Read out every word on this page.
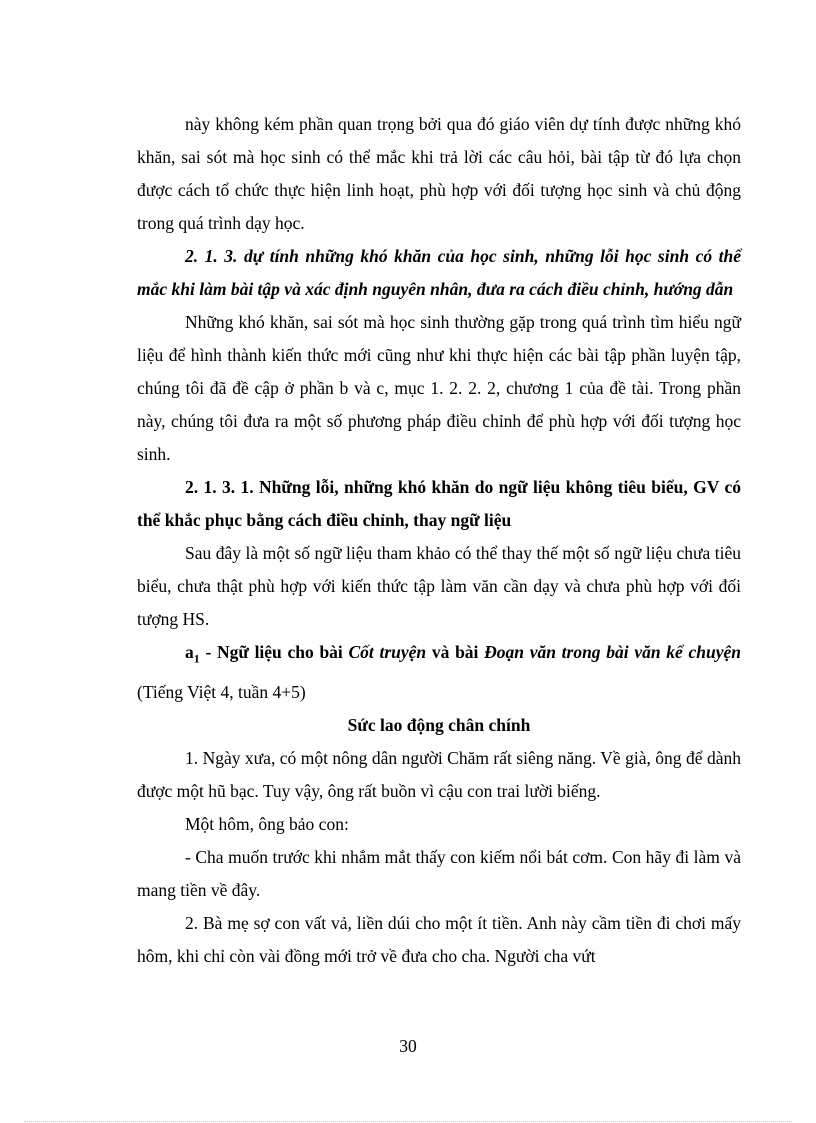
này không kém phần quan trọng bởi qua đó giáo viên dự tính được những khó khăn, sai sót mà học sinh có thể mắc khi trả lời các câu hỏi, bài tập từ đó lựa chọn được cách tổ chức thực hiện linh hoạt, phù hợp với đối tượng học sinh và chủ động trong quá trình dạy học.

2. 1. 3. dự tính những khó khăn của học sinh, những lỗi học sinh có thể mắc khi làm bài tập và xác định nguyên nhân, đưa ra cách điều chỉnh, hướng dẫn

Những khó khăn, sai sót mà học sinh thường gặp trong quá trình tìm hiểu ngữ liệu để hình thành kiến thức mới cũng như khi thực hiện các bài tập phần luyện tập, chúng tôi đã đề cập ở phần b và c, mục 1. 2. 2. 2, chương 1 của đề tài. Trong phần này, chúng tôi đưa ra một số phương pháp điều chỉnh để phù hợp với đối tượng học sinh.

2. 1. 3. 1. Những lỗi, những khó khăn do ngữ liệu không tiêu biểu, GV có thể khắc phục bằng cách điều chỉnh, thay ngữ liệu

Sau đây là một số ngữ liệu tham khảo có thể thay thế một số ngữ liệu chưa tiêu biểu, chưa thật phù hợp với kiến thức tập làm văn cần dạy và chưa phù hợp với đối tượng HS.

$a_1$ - Ngữ liệu cho bài Cốt truyện và bài Đoạn văn trong bài văn kể chuyện (Tiếng Việt 4, tuần 4+5)

Sức lao động chân chính

1. Ngày xưa, có một nông dân người Chăm rất siêng năng. Về già, ông để dành được một hũ bạc. Tuy vậy, ông rất buồn vì cậu con trai lười biếng.

Một hôm, ông bảo con:

- Cha muốn trước khi nhắm mắt thấy con kiếm nổi bát cơm. Con hãy đi làm và mang tiền về đây.

2. Bà mẹ sợ con vất vả, liền dúi cho một ít tiền. Anh này cầm tiền đi chơi mấy hôm, khi chỉ còn vài đồng mới trở về đưa cho cha. Người cha vứt

30
